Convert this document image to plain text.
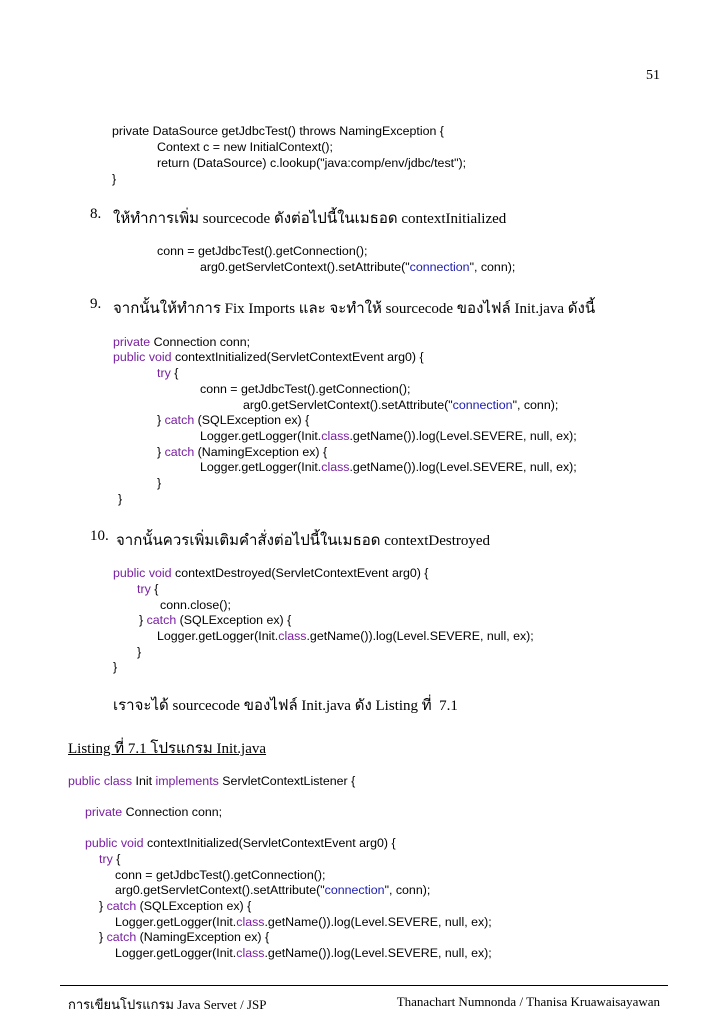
51
private DataSource getJdbcTest() throws NamingException {
Context c = new InitialContext();
return (DataSource) c.lookup("java:comp/env/jdbc/test");
}
8. ให้ทำการเพิ่ม sourcecode ดังต่อไปนี้ในเมธอด contextInitialized
conn = getJdbcTest().getConnection();
arg0.getServletContext().setAttribute("connection", conn);
9. จากนั้นให้ทำการ Fix Imports และ จะทำให้ sourcecode ของไฟล์ Init.java ดังนี้
private Connection conn;
public void contextInitialized(ServletContextEvent arg0) {
try {
conn = getJdbcTest().getConnection();
arg0.getServletContext().setAttribute("connection", conn);
} catch (SQLException ex) {
Logger.getLogger(Init.class.getName()).log(Level.SEVERE, null, ex);
} catch (NamingException ex) {
Logger.getLogger(Init.class.getName()).log(Level.SEVERE, null, ex);
}
}
10. จากนั้นควรเพิ่มเติมคำสั่งต่อไปนี้ในเมธอด contextDestroyed
public void contextDestroyed(ServletContextEvent arg0) {
try {
conn.close();
} catch (SQLException ex) {
Logger.getLogger(Init.class.getName()).log(Level.SEVERE, null, ex);
}
}
เราจะได้ sourcecode ของไฟล์ Init.java ดัง Listing ที่  7.1
Listing ที่ 7.1 โปรแกรม Init.java
public class Init implements ServletContextListener {
private Connection conn;
public void contextInitialized(ServletContextEvent arg0) {
try {
conn = getJdbcTest().getConnection();
arg0.getServletContext().setAttribute("connection", conn);
} catch (SQLException ex) {
Logger.getLogger(Init.class.getName()).log(Level.SEVERE, null, ex);
} catch (NamingException ex) {
Logger.getLogger(Init.class.getName()).log(Level.SEVERE, null, ex);
การเขียนโปรแกรม Java Servet / JSP	Thanachart Numnonda / Thanisa Kruawaisayawan
